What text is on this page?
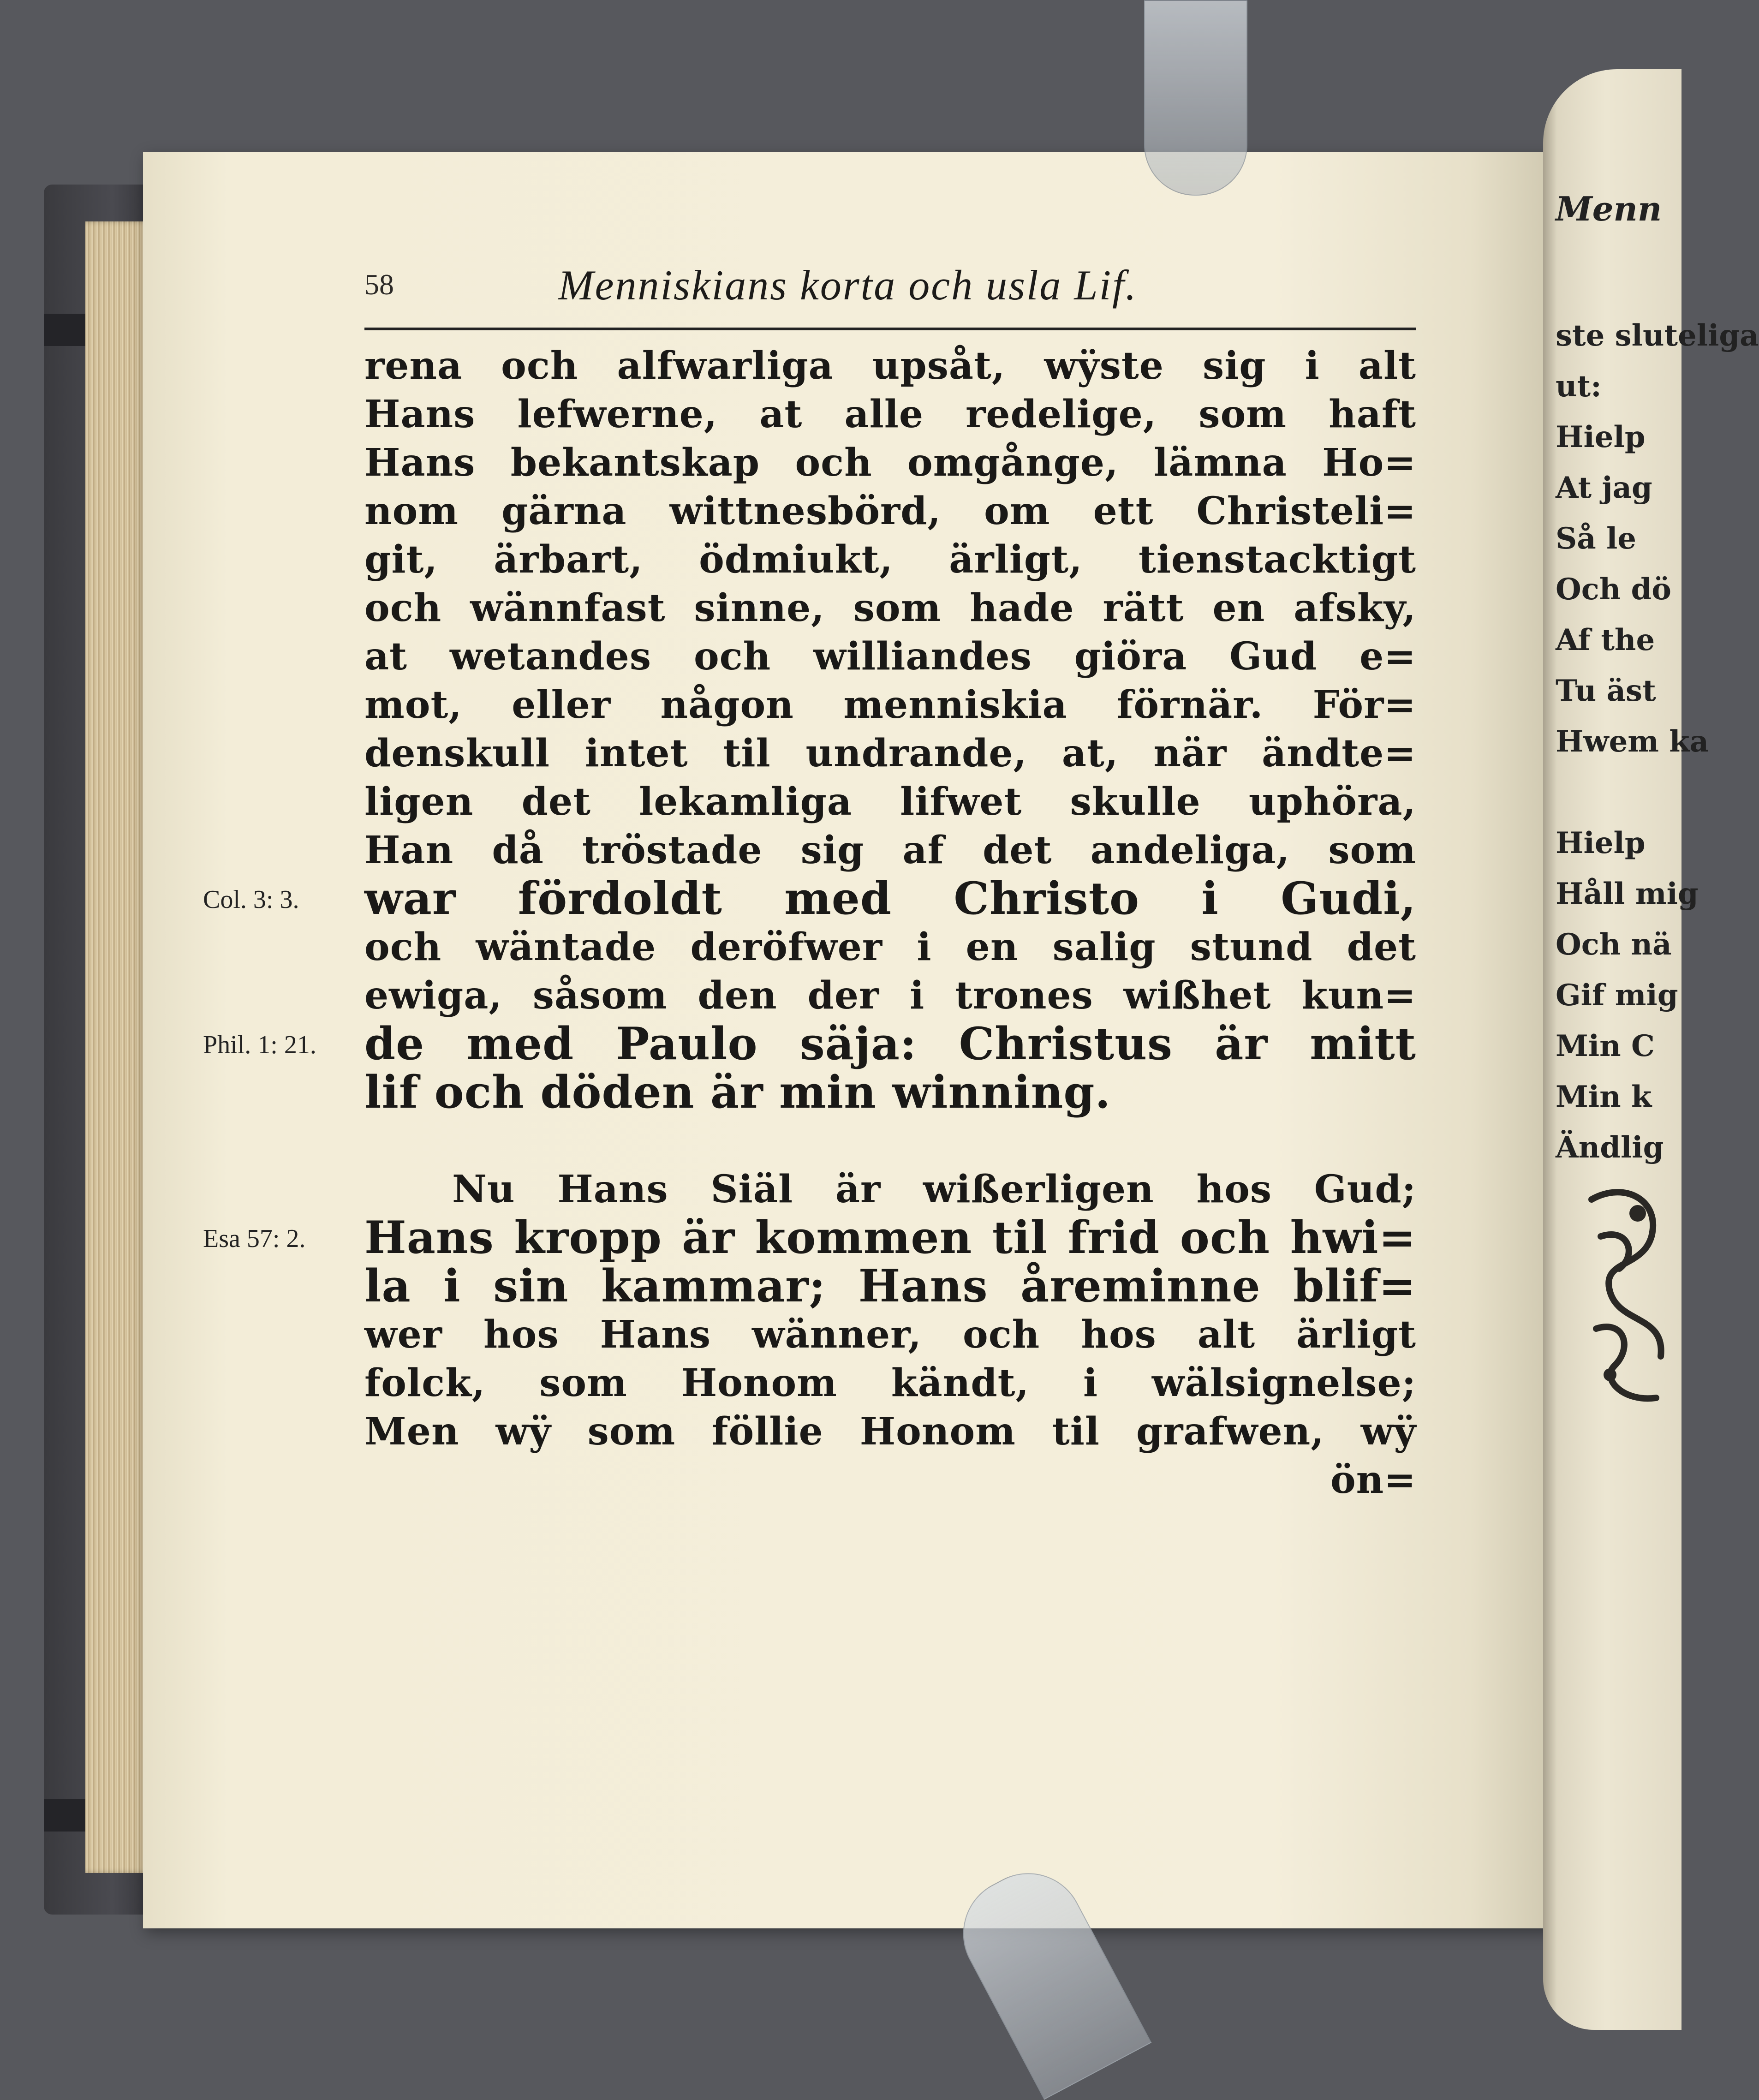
58	Menniskians korta och usla Lif.
rena och alfwarliga upsåt, wÿste sig i alt
Hans lefwerne, at alle redelige, som haft
Hans bekantskap och omgånge, lämna Ho=
nom gärna wittnesbörd, om ett Christeli=
git, ärbart, ödmiukt, ärligt, tienstacktigt
och wännfast sinne, som hade rätt en afsky,
at wetandes och williandes giöra Gud e=
mot, eller någon menniskia förnär. För=
denskull intet til undrande, at, när ändte=
ligen det lekamliga lifwet skulle uphöra,
Han då tröstade sig af det andeliga, som
war fördoldt med Christo i Gudi,
och wäntade deröfwer i en salig stund det
ewiga, såsom den der i trones wißhet kun=
de med Paulo säja: Christus är mitt
lif och döden är min winning.
Nu Hans Siäl är wißerligen hos Gud;
Hans kropp är kommen til frid och hwi=
la i sin kammar; Hans åreminne blif=
wer hos Hans wänner, och hos alt ärligt
folck, som Honom kändt, i wälsignelse;
Men wÿ som föllie Honom til grafwen, wÿ
ön=
Col. 3: 3.
Phil. 1: 21.
Esa 57: 2.
Menn
ste sluteliga
ut:
Hielp
At jag
Så le
Och dö
Af the
Tu äst
Hwem ka
Hielp
Håll mig
Och nä
Gif mig
Min C
Min k
Ändlig
